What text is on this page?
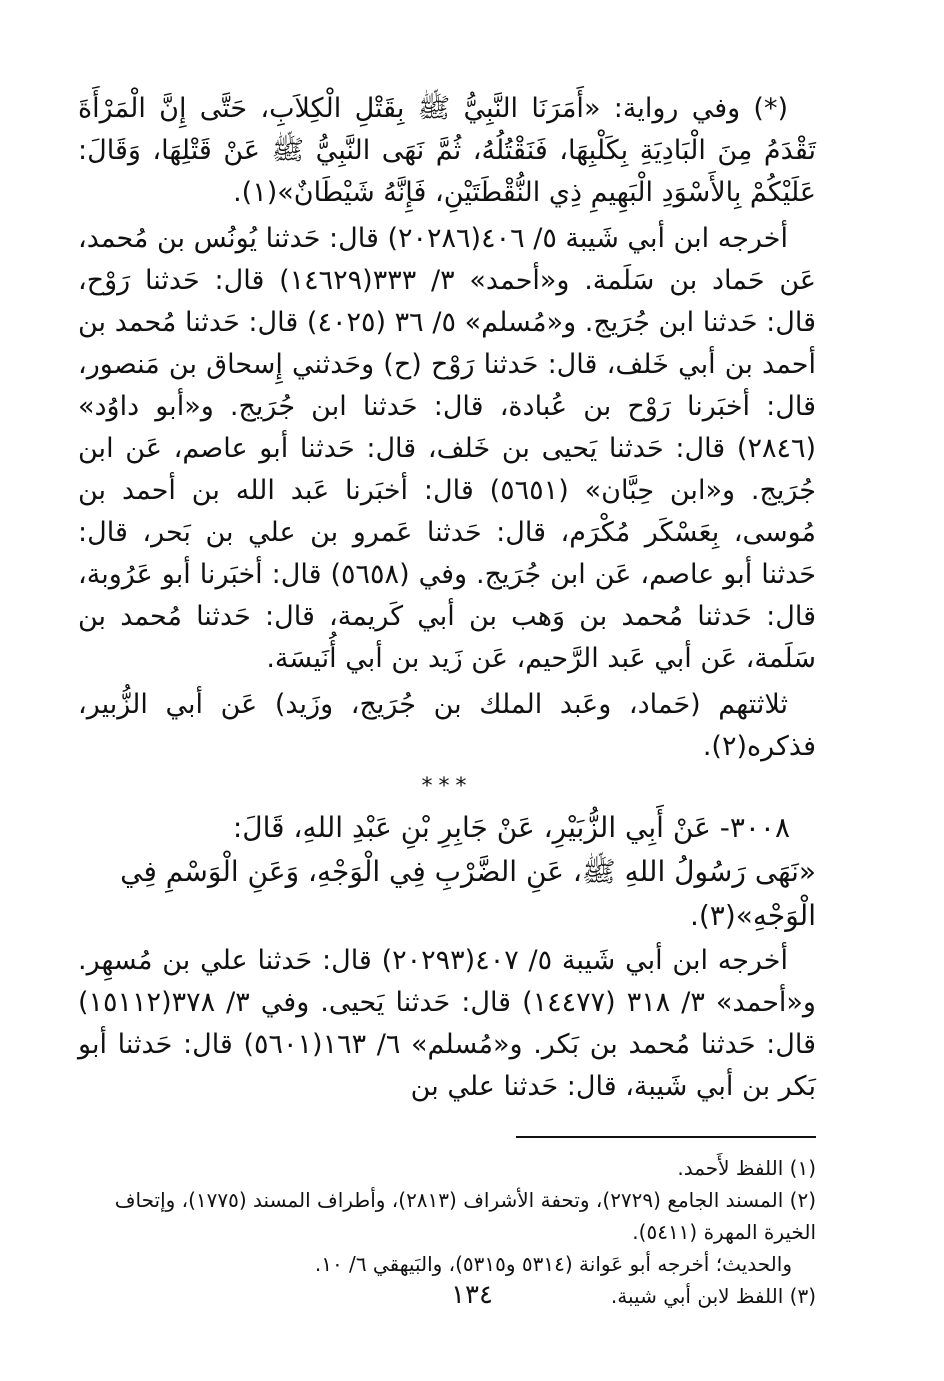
(*) وفي رواية: «أَمَرَنَا النَّبِيُّ ﷺ بِقَتْلِ الْكِلاَبِ، حَتَّى إِنَّ الْمَرْأَةَ تَقْدَمُ مِنَ الْبَادِيَةِ بِكَلْبِهَا، فَنَقْتُلُهُ، ثُمَّ نَهَى النَّبِيُّ ﷺ عَنْ قَتْلِهَا، وَقَالَ: عَلَيْكُمْ بِالأَسْوَدِ الْبَهِيمِ ذِي النُّقْطَتَيْنِ، فَإِنَّهُ شَيْطَانٌ»(١).

أخرجه ابن أبي شَيبة ٥/ ٤٠٦(٢٠٢٨٦) قال: حَدثنا يُونُس بن مُحمد، عَن حَماد بن سَلَمة. و«أحمد» ٣/ ٣٣٣(١٤٦٢٩) قال: حَدثنا رَوْح، قال: حَدثنا ابن جُرَيج. و«مُسلم» ٥/ ٣٦ (٤٠٢٥) قال: حَدثنا مُحمد بن أحمد بن أبي خَلف، قال: حَدثنا رَوْح (ح) وحَدثني إِسحاق بن مَنصور، قال: أخبَرنا رَوْح بن عُبادة، قال: حَدثنا ابن جُرَيج. و«أبو داوُد» (٢٨٤٦) قال: حَدثنا يَحيى بن خَلف، قال: حَدثنا أبو عاصم، عَن ابن جُرَيج. و«ابن حِبَّان» (٥٦٥١) قال: أخبَرنا عَبد الله بن أحمد بن مُوسى، بِعَسْكَر مُكْرَم، قال: حَدثنا عَمرو بن علي بن بَحر، قال: حَدثنا أبو عاصم، عَن ابن جُرَيج. وفي (٥٦٥٨) قال: أخبَرنا أبو عَرُوبة، قال: حَدثنا مُحمد بن وَهب بن أبي كَريمة، قال: حَدثنا مُحمد بن سَلَمة، عَن أبي عَبد الرَّحيم، عَن زَيد بن أبي أُنَيسَة.

ثلاثتهم (حَماد، وعَبد الملك بن جُرَيج، وزَيد) عَن أبي الزُّبير، فذكره(٢).

***

٣٠٠٨- عَنْ أَبِي الزُّبَيْرِ، عَنْ جَابِرِ بْنِ عَبْدِ اللهِ، قَالَ:

«نَهَى رَسُولُ اللهِ ﷺ، عَنِ الضَّرْبِ فِي الْوَجْهِ، وَعَنِ الْوَسْمِ فِي الْوَجْهِ»(٣).

أخرجه ابن أبي شَيبة ٥/ ٤٠٧(٢٠٢٩٣) قال: حَدثنا علي بن مُسهِر. و«أحمد» ٣/ ٣١٨ (١٤٤٧٧) قال: حَدثنا يَحيى. وفي ٣/ ٣٧٨(١٥١١٢) قال: حَدثنا مُحمد بن بَكر. و«مُسلم» ٦/ ١٦٣(٥٦٠١) قال: حَدثنا أبو بَكر بن أبي شَيبة، قال: حَدثنا علي بن

(١) اللفظ لأَحمد.

(٢) المسند الجامع (٢٧٢٩)، وتحفة الأشراف (٢٨١٣)، وأطراف المسند (١٧٧٥)، وإتحاف الخيرة المهرة (٥٤١١).

والحديث؛ أخرجه أبو عَوانة (٥٣١٤ و٥٣١٥)، والبَيهقي ٦/ ١٠.

(٣) اللفظ لابن أبي شيبة.

١٣٤
